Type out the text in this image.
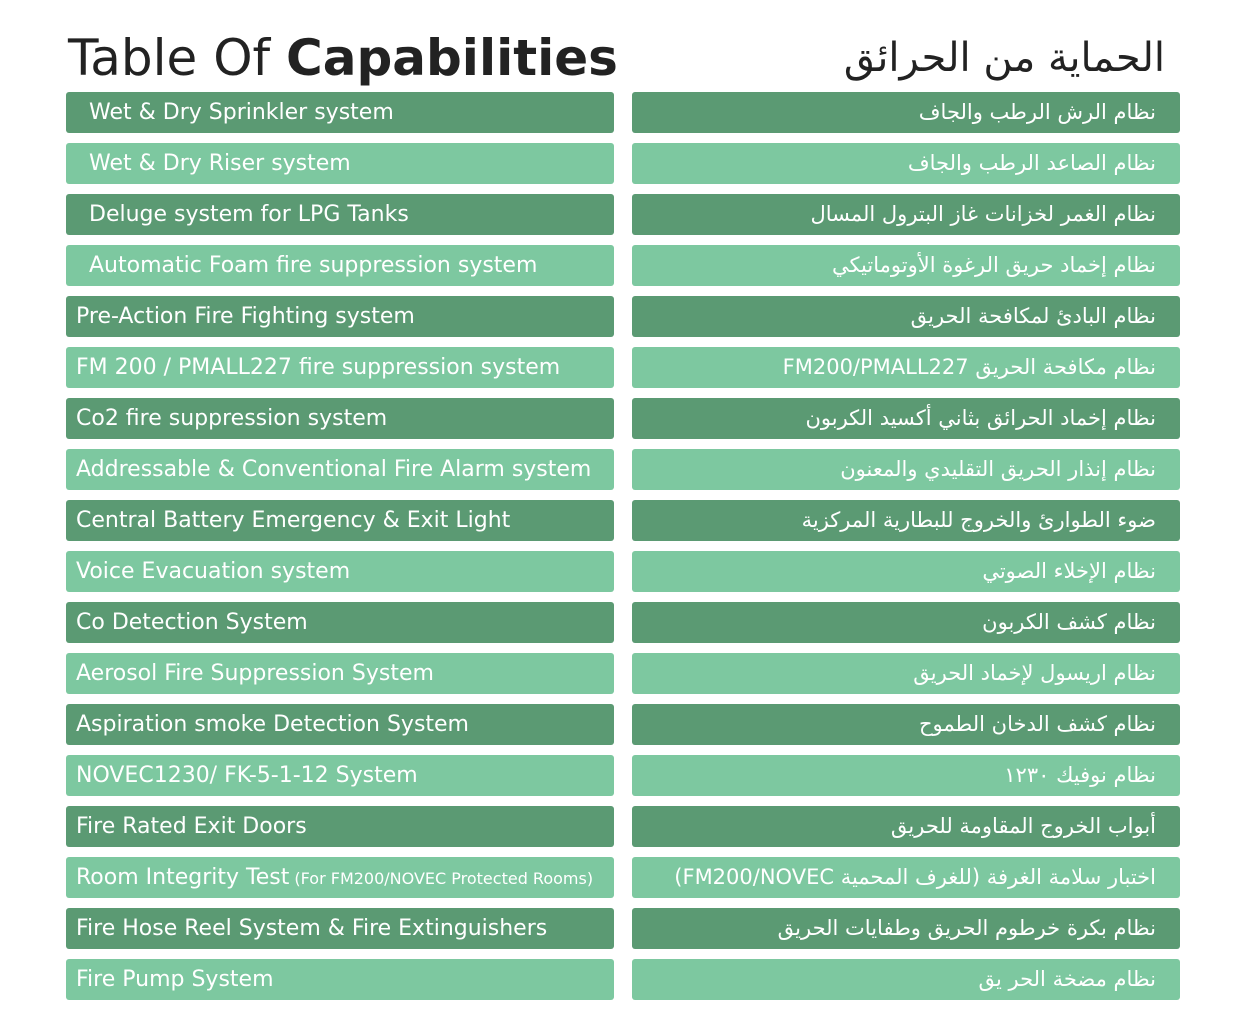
Table Of Capabilities	الحماية من الحرائق
Wet & Dry Sprinkler system
Wet & Dry Riser system
Deluge system for LPG Tanks
Automatic Foam fire suppression system
Pre-Action Fire Fighting system
FM 200 / PMALL227 fire suppression system
Co2 fire suppression system
Addressable & Conventional Fire Alarm system
Central Battery Emergency & Exit Light
Voice Evacuation system
Co Detection System
Aerosol Fire Suppression System
Aspiration smoke Detection System
NOVEC1230/ FK-5-1-12 System
Fire Rated Exit Doors
Room Integrity Test (For FM200/NOVEC Protected Rooms)
Fire Hose Reel System & Fire Extinguishers
Fire Pump System
نظام الرش الرطب والجاف
نظام الصاعد الرطب والجاف
نظام الغمر لخزانات غاز البترول المسال
نظام إخماد حريق الرغوة الأوتوماتيكي
نظام البادئ لمكافحة الحريق
نظام مكافحة الحريق FM200/PMALL227
نظام إخماد الحرائق بثاني أكسيد الكربون
نظام إنذار الحريق التقليدي والمعنون
ضوء الطوارئ والخروج للبطارية المركزية
نظام الإخلاء الصوتي
نظام كشف الكربون
نظام اريسول لإخماد الحريق
نظام كشف الدخان الطموح
نظام نوفيك ١٢٣٠
أبواب الخروج المقاومة للحريق
اختبار سلامة الغرفة (للغرف المحمية FM200/NOVEC)
نظام بكرة خرطوم الحريق وطفايات الحريق
نظام مضخة الحر يق
